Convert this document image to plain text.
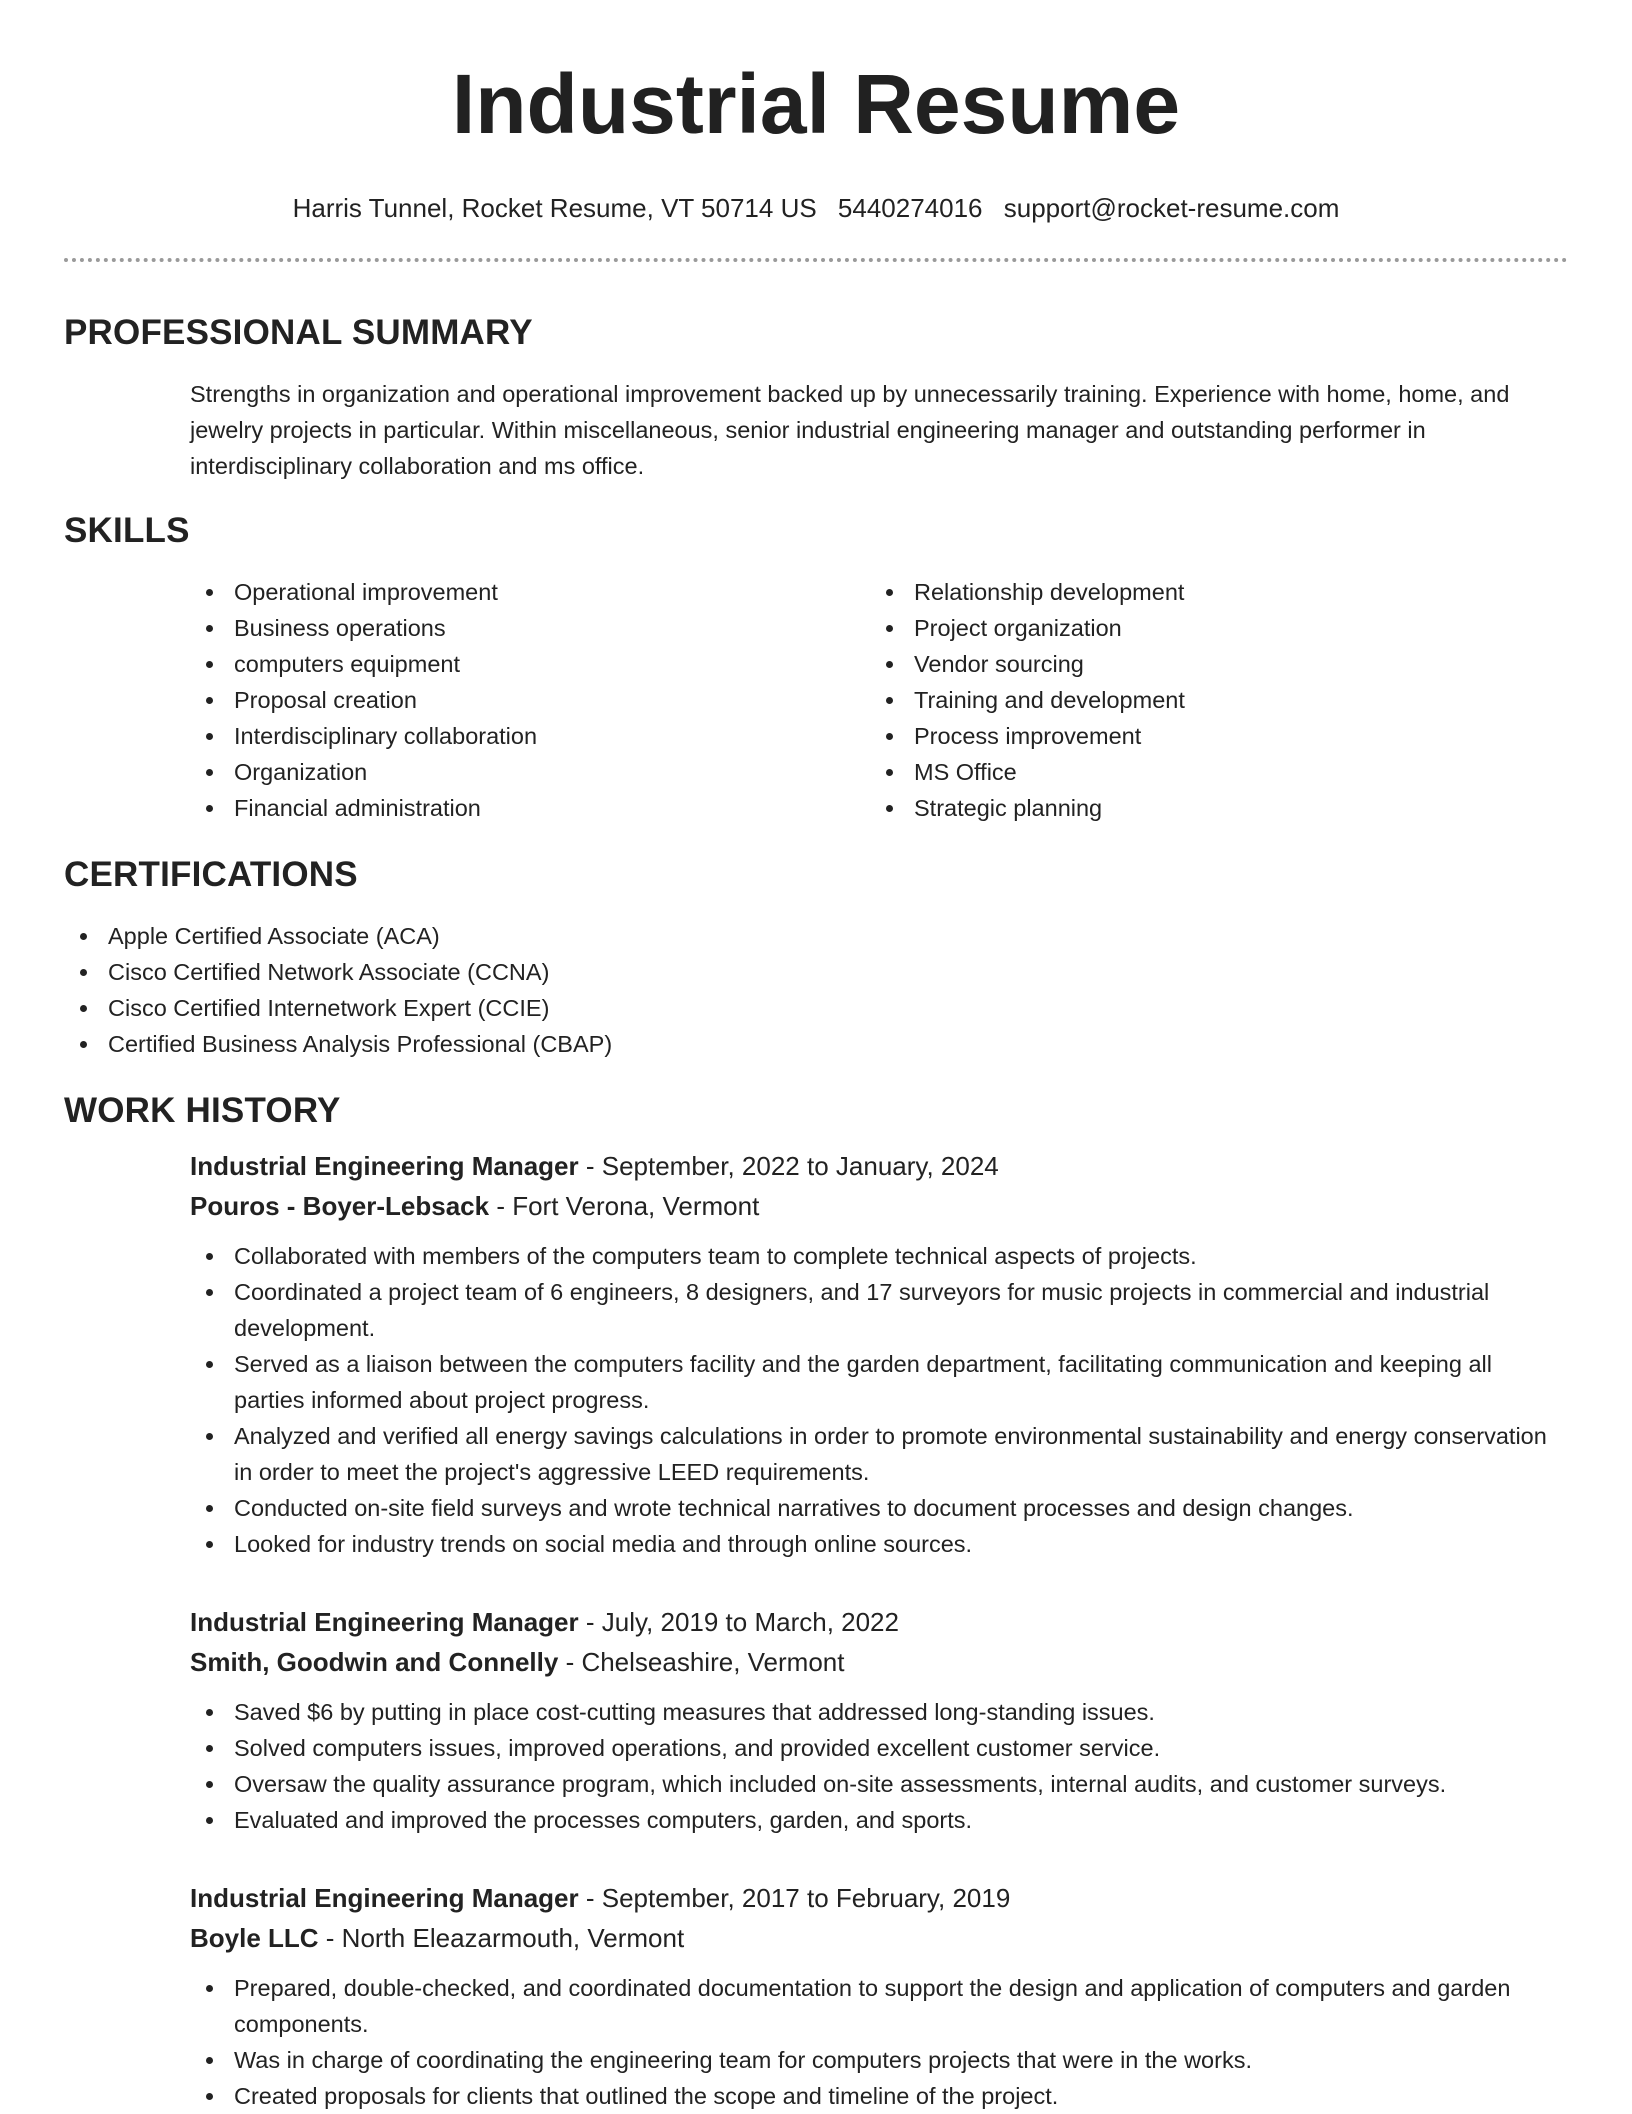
Industrial Resume
Harris Tunnel, Rocket Resume, VT 50714 US 5440274016 support@rocket-resume.com
PROFESSIONAL SUMMARY
Strengths in organization and operational improvement backed up by unnecessarily training. Experience with home, home, and jewelry projects in particular. Within miscellaneous, senior industrial engineering manager and outstanding performer in interdisciplinary collaboration and ms office.
SKILLS
Operational improvement
Business operations
computers equipment
Proposal creation
Interdisciplinary collaboration
Organization
Financial administration
Relationship development
Project organization
Vendor sourcing
Training and development
Process improvement
MS Office
Strategic planning
CERTIFICATIONS
Apple Certified Associate (ACA)
Cisco Certified Network Associate (CCNA)
Cisco Certified Internetwork Expert (CCIE)
Certified Business Analysis Professional (CBAP)
WORK HISTORY
Industrial Engineering Manager - September, 2022 to January, 2024
Pouros - Boyer-Lebsack - Fort Verona, Vermont
Collaborated with members of the computers team to complete technical aspects of projects.
Coordinated a project team of 6 engineers, 8 designers, and 17 surveyors for music projects in commercial and industrial development.
Served as a liaison between the computers facility and the garden department, facilitating communication and keeping all parties informed about project progress.
Analyzed and verified all energy savings calculations in order to promote environmental sustainability and energy conservation in order to meet the project's aggressive LEED requirements.
Conducted on-site field surveys and wrote technical narratives to document processes and design changes.
Looked for industry trends on social media and through online sources.
Industrial Engineering Manager - July, 2019 to March, 2022
Smith, Goodwin and Connelly - Chelseashire, Vermont
Saved $6 by putting in place cost-cutting measures that addressed long-standing issues.
Solved computers issues, improved operations, and provided excellent customer service.
Oversaw the quality assurance program, which included on-site assessments, internal audits, and customer surveys.
Evaluated and improved the processes computers, garden, and sports.
Industrial Engineering Manager - September, 2017 to February, 2019
Boyle LLC - North Eleazarmouth, Vermont
Prepared, double-checked, and coordinated documentation to support the design and application of computers and garden components.
Was in charge of coordinating the engineering team for computers projects that were in the works.
Created proposals for clients that outlined the scope and timeline of the project.
